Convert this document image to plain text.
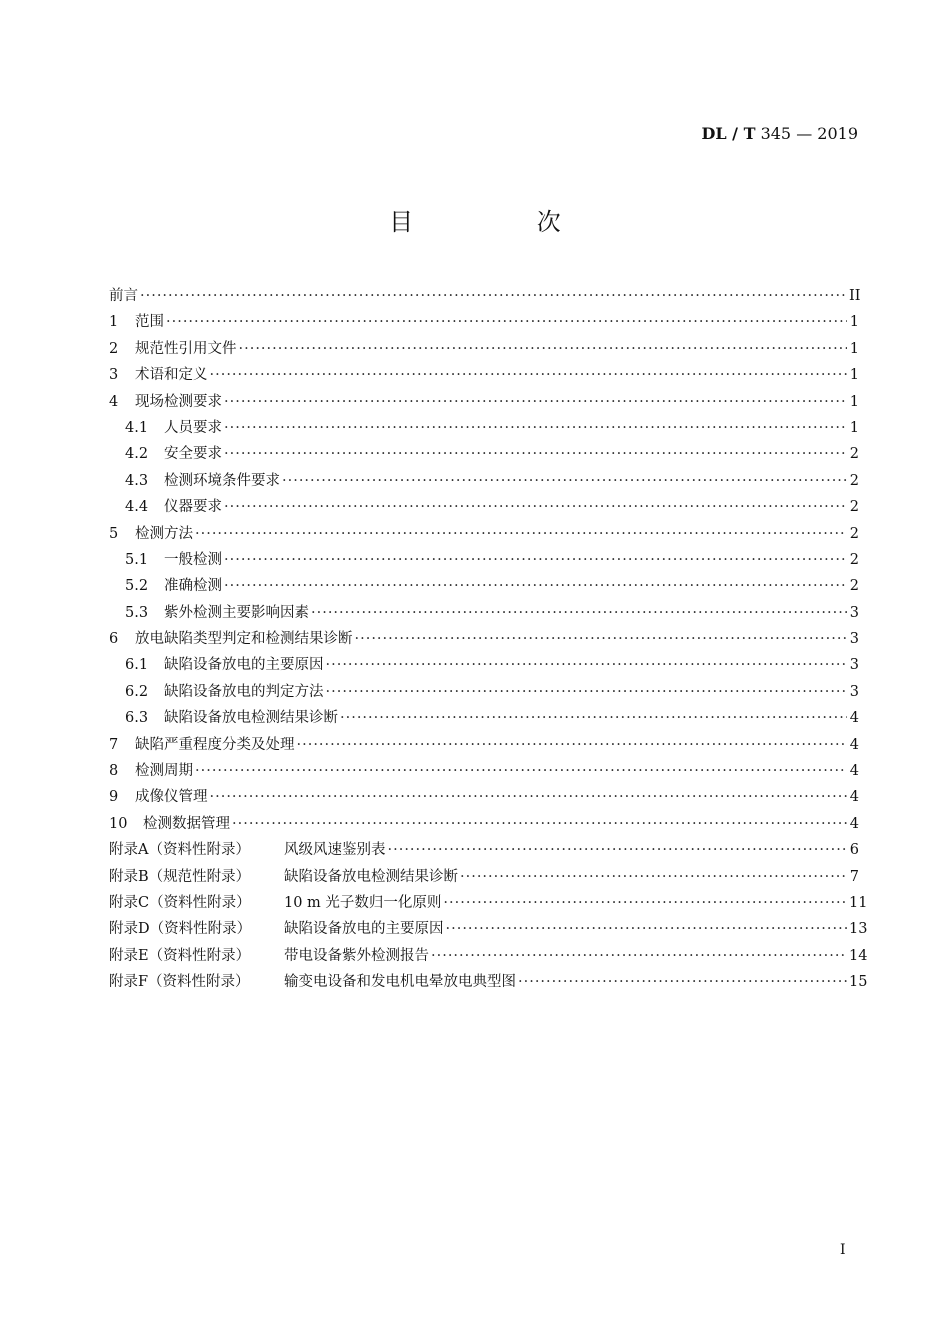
DL / T 345 — 2019
目 次
前言 ·····	II
1	范围 ·····	1
2	规范性引用文件 ·····	1
3	术语和定义 ·····	1
4	现场检测要求 ·····	1
4.1	人员要求 ·····	1
4.2	安全要求 ·····	2
4.3	检测环境条件要求 ·····	2
4.4	仪器要求 ·····	2
5	检测方法 ·····	2
5.1	一般检测 ·····	2
5.2	准确检测 ·····	2
5.3	紫外检测主要影响因素 ·····	3
6	放电缺陷类型判定和检测结果诊断 ·····	3
6.1	缺陷设备放电的主要原因 ·····	3
6.2	缺陷设备放电的判定方法 ·····	3
6.3	缺陷设备放电检测结果诊断 ·····	4
7	缺陷严重程度分类及处理 ·····	4
8	检测周期 ·····	4
9	成像仪管理 ·····	4
10	检测数据管理 ·····	4
附录A（资料性附录）	风级风速鉴别表 ·····	6
附录B（规范性附录）	缺陷设备放电检测结果诊断 ·····	7
附录C（资料性附录）	10 m 光子数归一化原则 ·····	11
附录D（资料性附录）	缺陷设备放电的主要原因 ·····	13
附录E（资料性附录）	带电设备紫外检测报告 ·····	14
附录F（资料性附录）	输变电设备和发电机电晕放电典型图 ·····	15
I
